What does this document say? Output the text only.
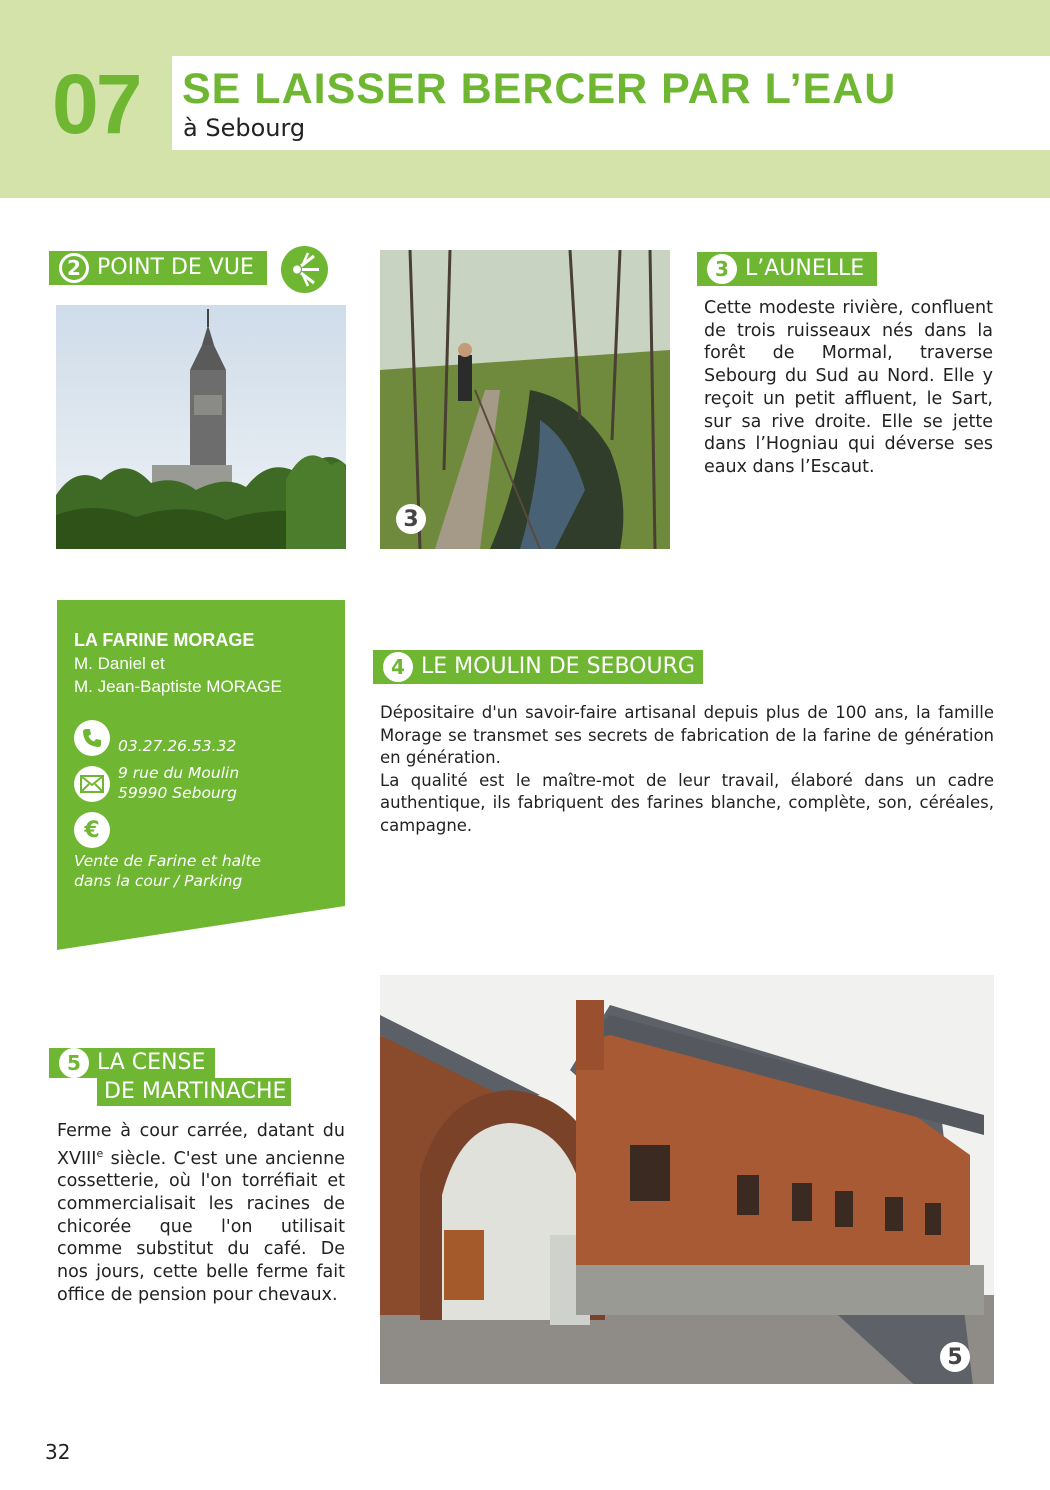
07 SE LAISSER BERCER PAR L’EAU
à Sebourg
2 POINT DE VUE
3
3 L’AUNELLE
Cette modeste rivière, confluent de trois ruisseaux nés dans la forêt de Mormal, traverse Sebourg du Sud au Nord. Elle y reçoit un petit affluent, le Sart, sur sa rive droite. Elle se jette dans l’Hogniau qui déverse ses eaux dans l’Escaut.
LA FARINE MORAGE
M. Daniel et
M. Jean-Baptiste MORAGE
03.27.26.53.32
9 rue du Moulin
59990 Sebourg
€
Vente de Farine et halte
dans la cour / Parking
4 LE MOULIN DE SEBOURG
Dépositaire d'un savoir-faire artisanal depuis plus de 100 ans, la famille Morage se transmet ses secrets de fabrication de la farine de génération en génération.
La qualité est le maître-mot de leur travail, élaboré dans un cadre authentique, ils fabriquent des farines blanche, complète, son, céréales, campagne.
5 LA CENSE
DE MARTINACHE
Ferme à cour carrée, datant du XVIIIe siècle. C'est une ancienne cossetterie, où l'on torréfiait et commercialisait les racines de chicorée que l'on utilisait comme substitut du café. De nos jours, cette belle ferme fait office de pension pour chevaux.
5
32
